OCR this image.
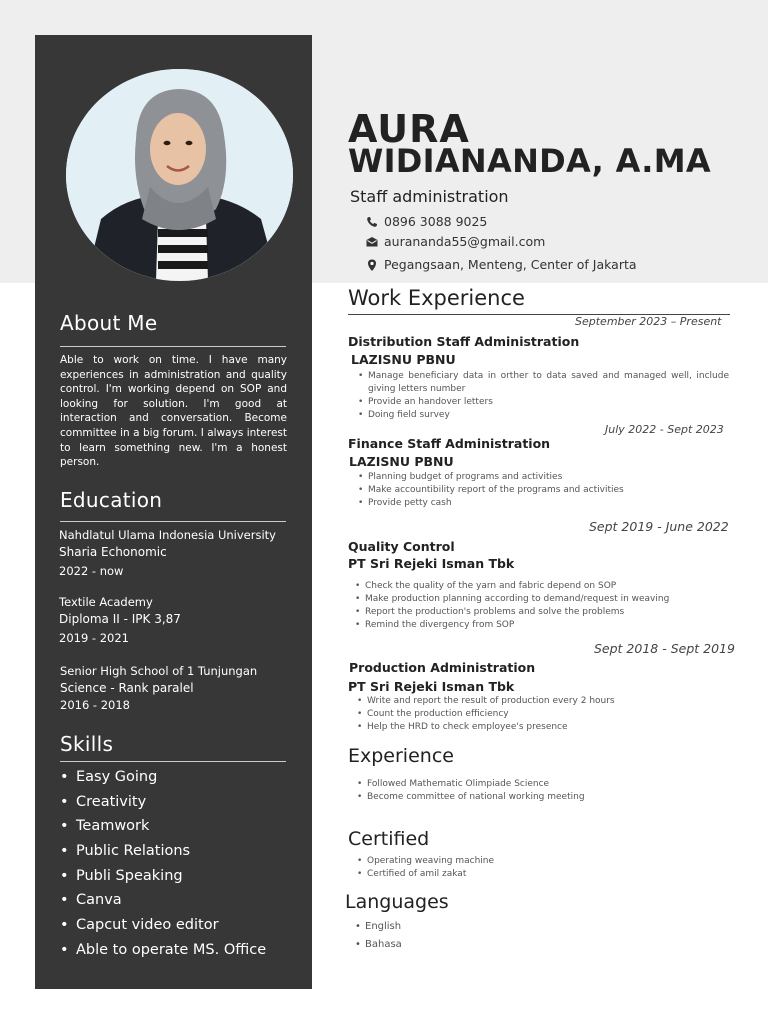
About Me

Able to work on time. I have many experiences in administration and quality control. I'm working depend on SOP and looking for solution. I'm good at interaction and conversation. Become committee in a big forum. I always interest to learn something new. I'm a honest person.

Education
Nahdlatul Ulama Indonesia University
Sharia Echonomic
2022 - now
Textile Academy
Diploma II - IPK 3,87
2019 - 2021
Senior High School of 1 Tunjungan
Science - Rank paralel
2016 - 2018
Skills
• Easy Going
• Creativity
• Teamwork
• Public Relations
• Publi Speaking
• Canva
• Capcut video editor
• Able to operate MS. Office
AURA
WIDIANANDA, A.MA

Staff administration

0896 3088 9025
aurananda55@gmail.com
Pegangsaan, Menteng, Center of Jakarta
Work Experience
September 2023 – Present
Distribution Staff Administration
LAZISNU PBNU
• Manage beneficiary data in orther to data saved and managed well, include giving letters number
• Provide an handover letters
• Doing field survey
July 2022 - Sept 2023
Finance Staff Administration
LAZISNU PBNU
• Planning budget of programs and activities
• Make accountibility report of the programs and activities
• Provide petty cash
Sept 2019 - June 2022
Quality Control
PT Sri Rejeki Isman Tbk
• Check the quality of the yarn and fabric depend on SOP
• Make production planning according to demand/request in weaving
• Report the production's problems and solve the problems
• Remind the divergency from SOP
Sept 2018 - Sept 2019
Production Administration
PT Sri Rejeki Isman Tbk
• Write and report the result of production every 2 hours
• Count the production efficiency
• Help the HRD to check employee's presence
Experience
• Followed Mathematic Olimpiade Science
• Become committee of national working meeting
Certified
• Operating weaving machine
• Certified of amil zakat
Languages
• English
• Bahasa
